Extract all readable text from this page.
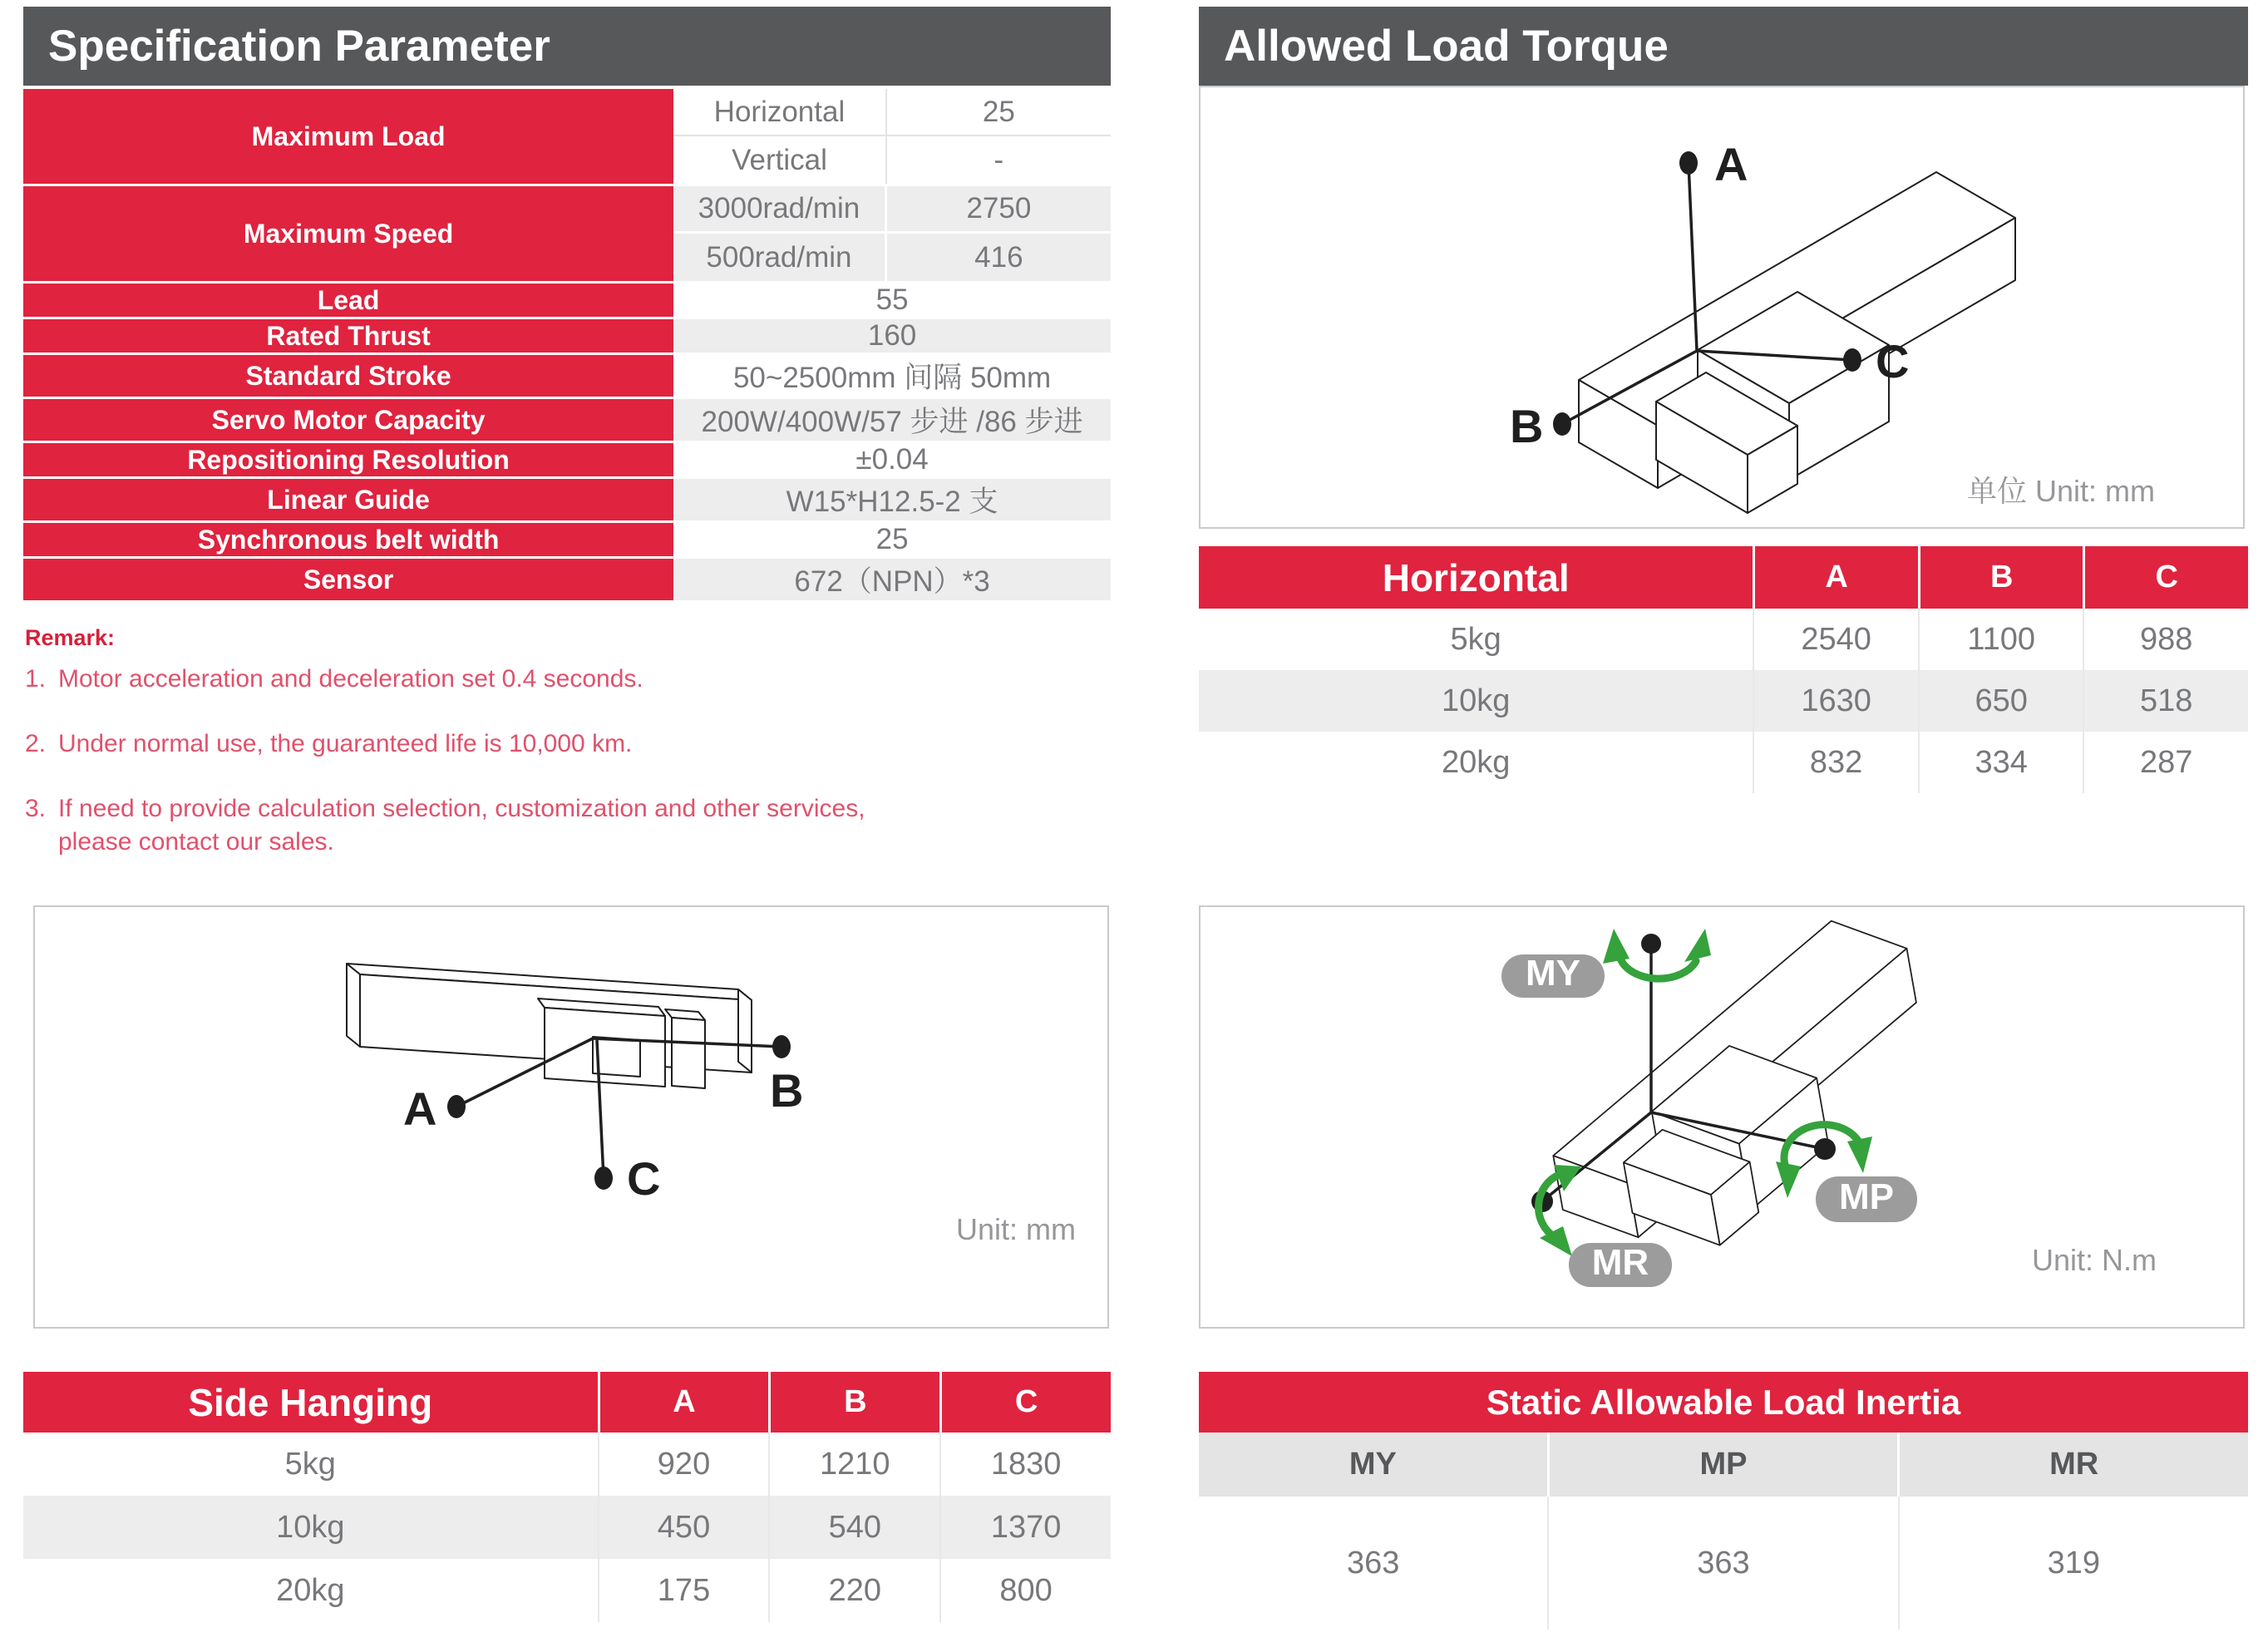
Specification Parameter
Maximum Load
Horizontal	25
Vertical	-
Maximum Speed
3000rad/min	2750
500rad/min	416
Lead	55
Rated Thrust	160
Standard Stroke	50~2500mm 间隔 50mm
Servo Motor Capacity	200W/400W/57 步进 /86 步进
Repositioning Resolution	±0.04
Linear Guide	W15*H12.5-2 支
Synchronous belt width	25
Sensor	672（NPN）*3
Remark:
1. Motor acceleration and deceleration set 0.4 seconds.
2. Under normal use, the guaranteed life is 10,000 km.
3. If need to provide calculation selection, customization and other services,
please contact our sales.
A	B
C
Unit: mm
Side Hanging	A	B	C
5kg	920	1210	1830
10kg	450	540	1370
20kg	175	220	800
Allowed Load Torque
A
B
C
单位 Unit: mm
Horizontal	A	B	C
5kg	2540	1100	988
10kg	1630	650	518
20kg	832	334	287
MY
MP
MR	Unit: N.m
Static Allowable Load Inertia
MY	MP	MR
363	363	319
